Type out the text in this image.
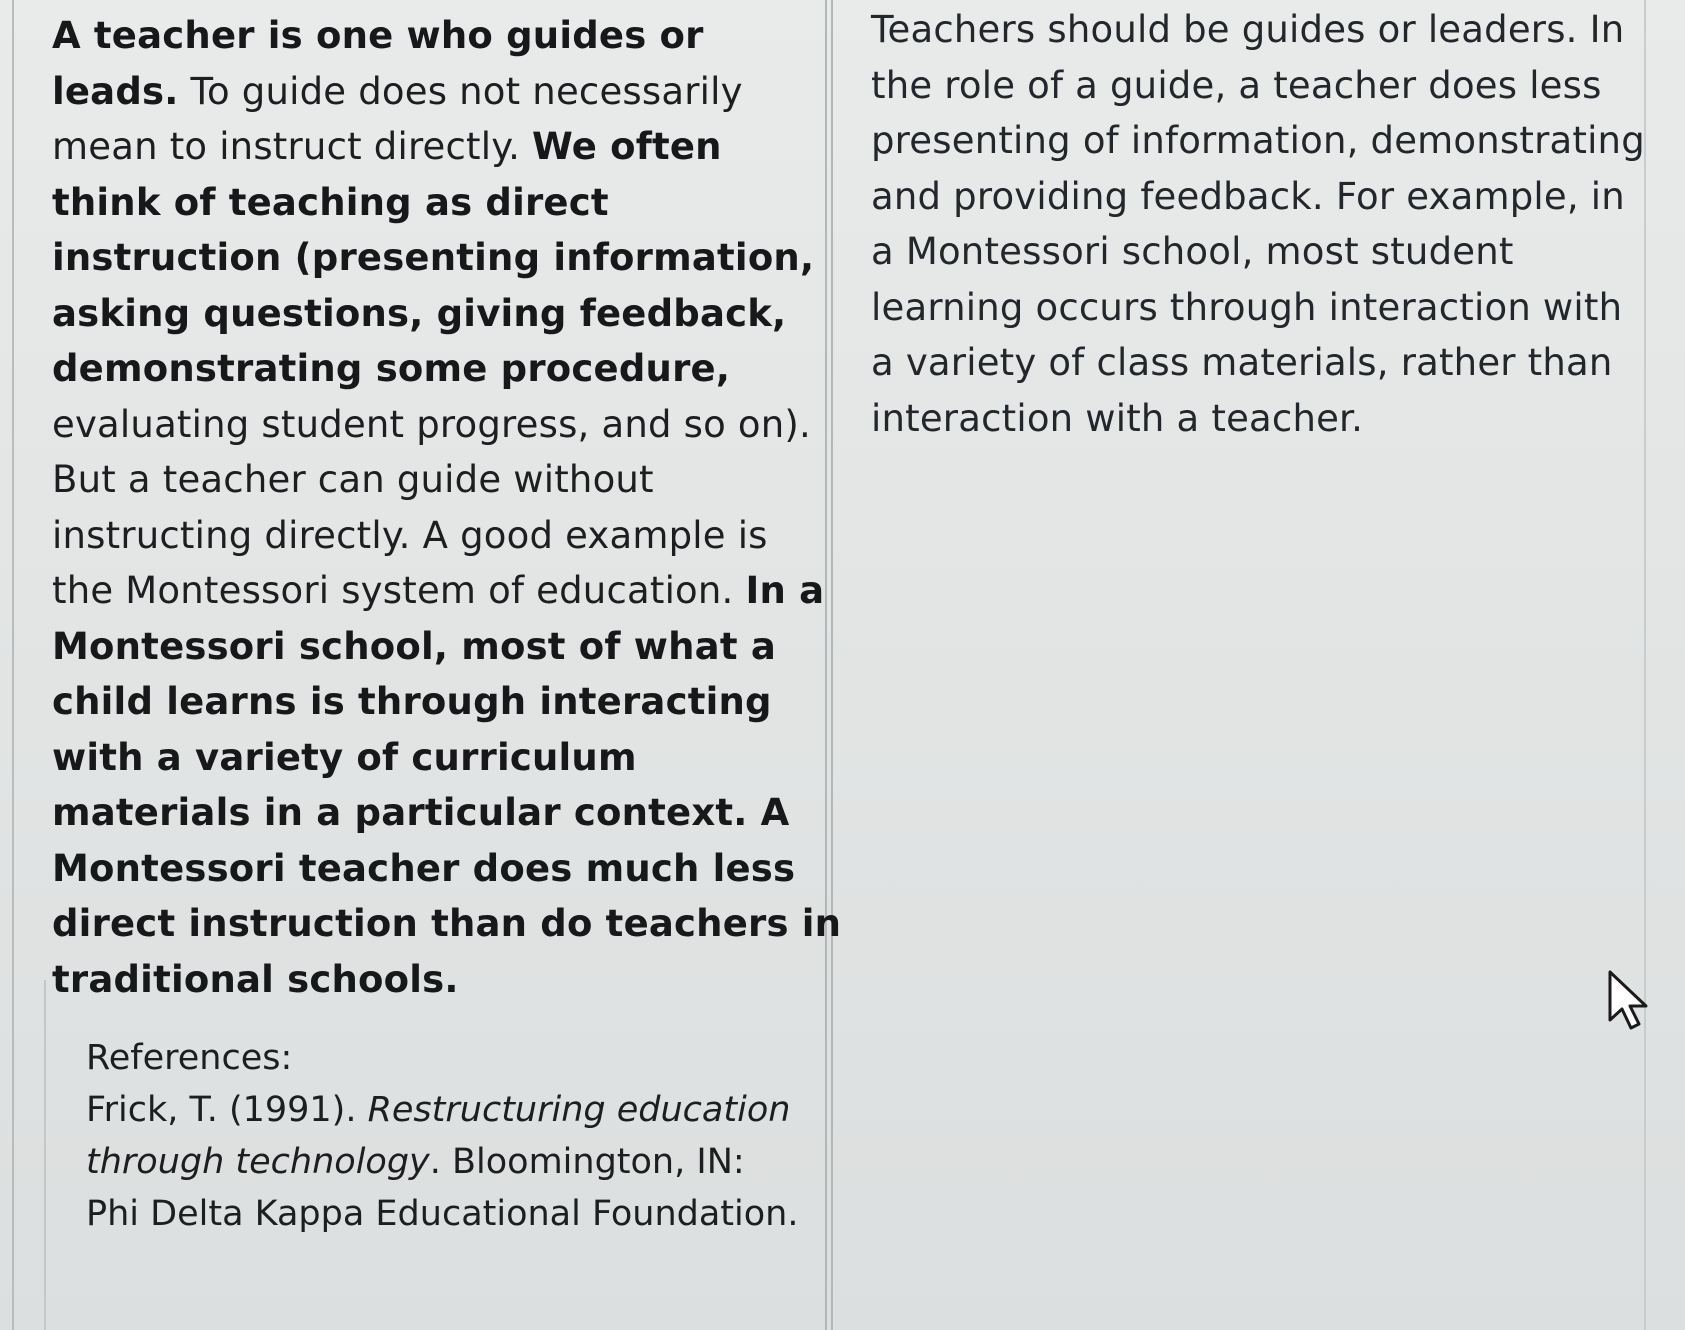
A teacher is one who guides or
leads. To guide does not necessarily
mean to instruct directly. We often
think of teaching as direct
instruction (presenting information,
asking questions, giving feedback,
demonstrating some procedure,
evaluating student progress, and so on).
But a teacher can guide without
instructing directly. A good example is
the Montessori system of education. In a
Montessori school, most of what a
child learns is through interacting
with a variety of curriculum
materials in a particular context. A
Montessori teacher does much less
direct instruction than do teachers in
traditional schools.
References:
Frick, T. (1991). Restructuring education
through technology. Bloomington, IN:
Phi Delta Kappa Educational Foundation.
Teachers should be guides or leaders. In
the role of a guide, a teacher does less
presenting of information, demonstrating
and providing feedback. For example, in
a Montessori school, most student
learning occurs through interaction with
a variety of class materials, rather than
interaction with a teacher.
